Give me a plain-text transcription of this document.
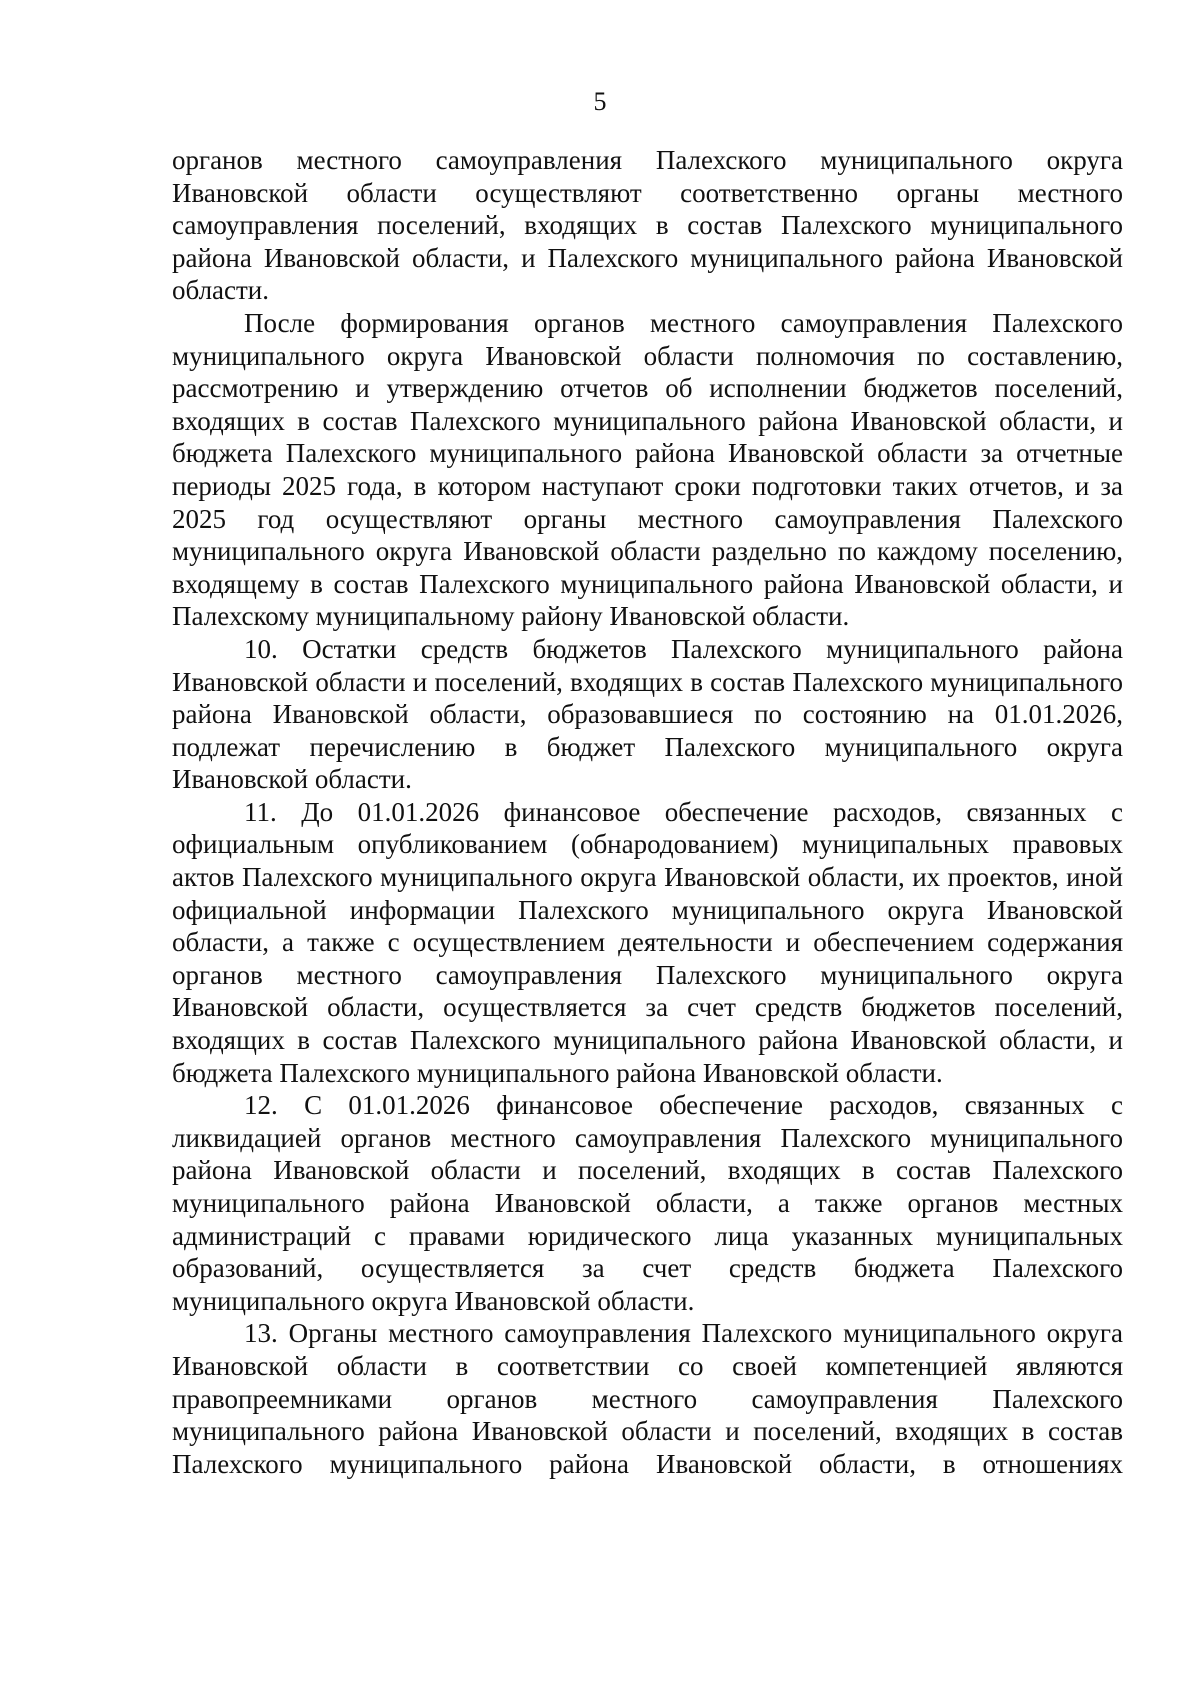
5

органов местного самоуправления Палехского муниципального округа Ивановской области осуществляют соответственно органы местного самоуправления поселений, входящих в состав Палехского муниципального района Ивановской области, и Палехского муниципального района Ивановской области.

После формирования органов местного самоуправления Палехского муниципального округа Ивановской области полномочия по составлению, рассмотрению и утверждению отчетов об исполнении бюджетов поселений, входящих в состав Палехского муниципального района Ивановской области, и бюджета Палехского муниципального района Ивановской области за отчетные периоды 2025 года, в котором наступают сроки подготовки таких отчетов, и за 2025 год осуществляют органы местного самоуправления Палехского муниципального округа Ивановской области раздельно по каждому поселению, входящему в состав Палехского муниципального района Ивановской области, и Палехскому муниципальному району Ивановской области.

10. Остатки средств бюджетов Палехского муниципального района Ивановской области и поселений, входящих в состав Палехского муниципального района Ивановской области, образовавшиеся по состоянию на 01.01.2026, подлежат перечислению в бюджет Палехского муниципального округа Ивановской области.

11. До 01.01.2026 финансовое обеспечение расходов, связанных с официальным опубликованием (обнародованием) муниципальных правовых актов Палехского муниципального округа Ивановской области, их проектов, иной официальной информации Палехского муниципального округа Ивановской области, а также с осуществлением деятельности и обеспечением содержания органов местного самоуправления Палехского муниципального округа Ивановской области, осуществляется за счет средств бюджетов поселений, входящих в состав Палехского муниципального района Ивановской области, и бюджета Палехского муниципального района Ивановской области.

12. С 01.01.2026 финансовое обеспечение расходов, связанных с ликвидацией органов местного самоуправления Палехского муниципального района Ивановской области и поселений, входящих в состав Палехского муниципального района Ивановской области, а также органов местных администраций с правами юридического лица указанных муниципальных образований, осуществляется за счет средств бюджета Палехского муниципального округа Ивановской области.

13. Органы местного самоуправления Палехского муниципального округа Ивановской области в соответствии со своей компетенцией являются правопреемниками органов местного самоуправления Палехского муниципального района Ивановской области и поселений, входящих в состав Палехского муниципального района Ивановской области, в отношениях
